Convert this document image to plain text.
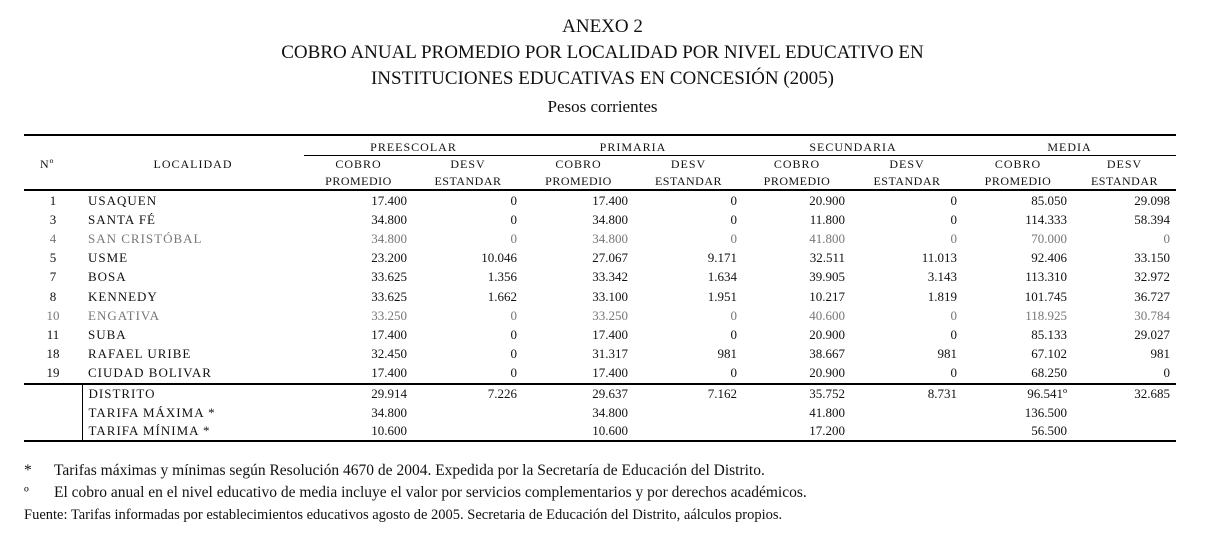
ANEXO 2
COBRO ANUAL PROMEDIO POR LOCALIDAD POR NIVEL EDUCATIVO EN
INSTITUCIONES EDUCATIVAS EN CONCESIÓN (2005)
Pesos corrientes

		PREESCOLAR		PRIMARIA		SECUNDARIA		MEDIA	
Nº	LOCALIDAD	COBRO	DESV	COBRO	DESV	COBRO	DESV	COBRO	DESV
		PROMEDIO	ESTANDAR	PROMEDIO	ESTANDAR	PROMEDIO	ESTANDAR	PROMEDIO	ESTANDAR
1	USAQUEN	17.400	0	17.400	0	20.900	0	85.050	29.098
3	SANTA FÉ	34.800	0	34.800	0	11.800	0	114.333	58.394
4	SAN CRISTÓBAL	34.800	0	34.800	0	41.800	0	70.000	0
5	USME	23.200	10.046	27.067	9.171	32.511	11.013	92.406	33.150
7	BOSA	33.625	1.356	33.342	1.634	39.905	3.143	113.310	32.972
8	KENNEDY	33.625	1.662	33.100	1.951	10.217	1.819	101.745	36.727
10	ENGATIVA	33.250	0	33.250	0	40.600	0	118.925	30.784
11	SUBA	17.400	0	17.400	0	20.900	0	85.133	29.027
18	RAFAEL URIBE	32.450	0	31.317	981	38.667	981	67.102	981
19	CIUDAD BOLIVAR	17.400	0	17.400	0	20.900	0	68.250	0
	DISTRITO	29.914	7.226	29.637	7.162	35.752	8.731	96.541º	32.685
	TARIFA MÁXIMA *	34.800		34.800		41.800		136.500	
	TARIFA MÍNIMA *	10.600		10.600		17.200		56.500	
*	Tarifas máximas y mínimas según Resolución 4670 de 2004. Expedida por la Secretaría de Educación del Distrito.
º	El cobro anual en el nivel educativo de media incluye el valor por servicios complementarios y por derechos académicos.
Fuente: Tarifas informadas por establecimientos educativos agosto de 2005. Secretaria de Educación del Distrito, aálculos propios.
